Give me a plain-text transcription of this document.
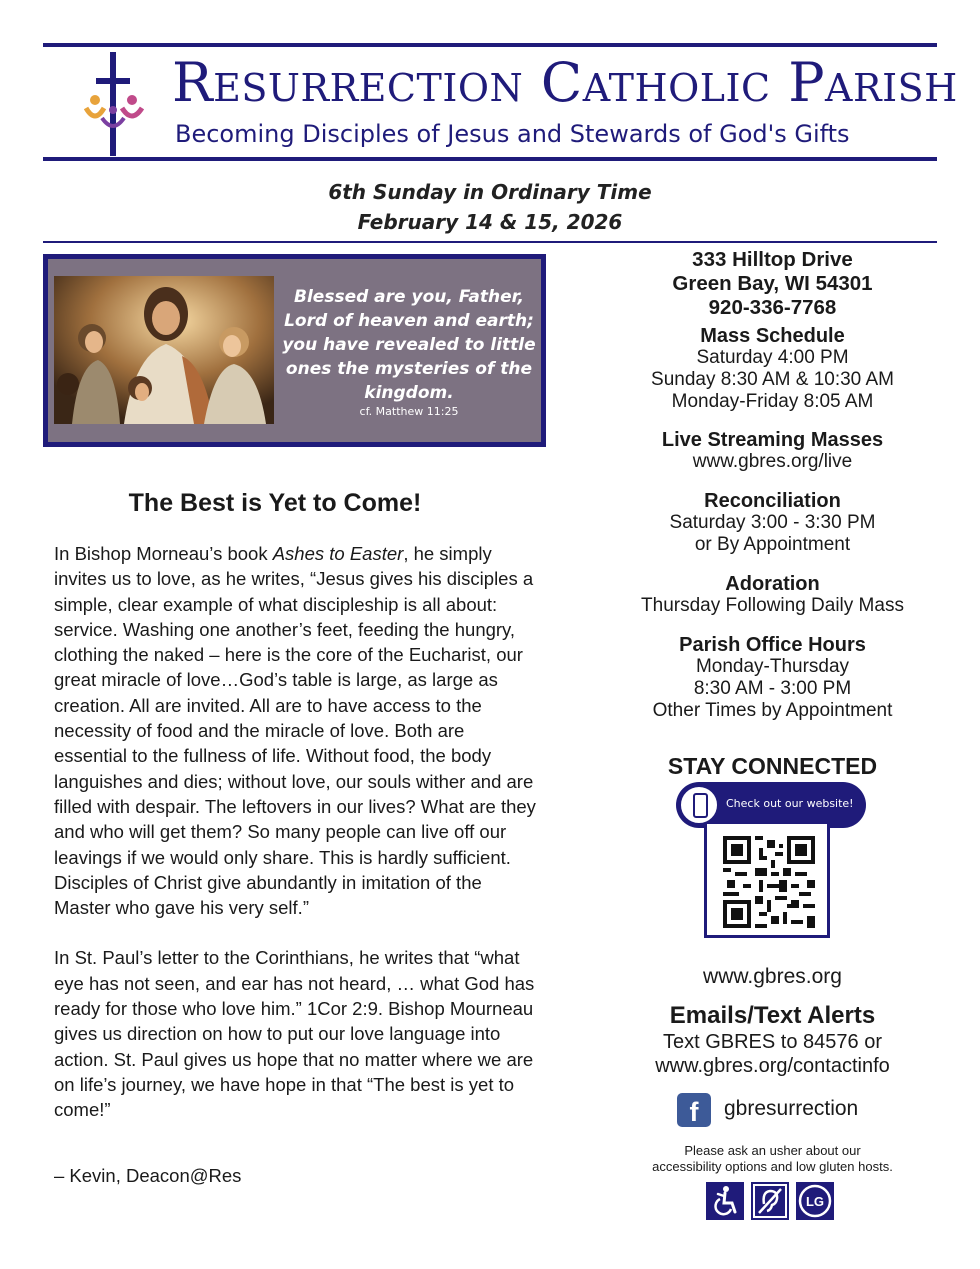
Resurrection Catholic Parish
Becoming Disciples of Jesus and Stewards of God's Gifts
6th Sunday in Ordinary Time
February 14 & 15, 2026
Blessed are you, Father, Lord of heaven and earth; you have revealed to little ones the mysteries of the kingdom.
cf. Matthew 11:25
The Best is Yet to Come!

In Bishop Morneau’s book Ashes to Easter, he simply invites us to love, as he writes, “Jesus gives his disciples a simple, clear example of what discipleship is all about: service. Washing one another’s feet, feeding the hungry, clothing the naked – here is the core of the Eucharist, our great miracle of love…God’s table is large, as large as creation. All are invited. All are to have access to the necessity of food and the miracle of love. Both are essential to the fullness of life. Without food, the body languishes and dies; without love, our souls wither and are filled with despair. The leftovers in our lives? What are they and who will get them? So many people can live off our leavings if we would only share. This is hardly sufficient. Disciples of Christ give abundantly in imitation of the Master who gave his very self.”

In St. Paul’s letter to the Corinthians, he writes that “what eye has not seen, and ear has not heard, … what God has ready for those who love him.” 1Cor 2:9. Bishop Mourneau gives us direction on how to put our love language into action. St. Paul gives us hope that no matter where we are on life’s journey, we have hope in that “The best is yet to come!”

– Kevin, Deacon@Res
333 Hilltop Drive
Green Bay, WI 54301
920-336-7768
Mass Schedule
Saturday 4:00 PM
Sunday 8:30 AM & 10:30 AM
Monday-Friday 8:05 AM
Live Streaming Masses
www.gbres.org/live
Reconciliation
Saturday 3:00 - 3:30 PM
or By Appointment
Adoration
Thursday Following Daily Mass
Parish Office Hours
Monday-Thursday
8:30 AM - 3:00 PM
Other Times by Appointment
STAY CONNECTED
Check out our website!
www.gbres.org
Emails/Text Alerts
Text GBRES to 84576 or
www.gbres.org/contactinfo
f	gbresurrection
Please ask an usher about our
accessibility options and low gluten hosts.
LG
